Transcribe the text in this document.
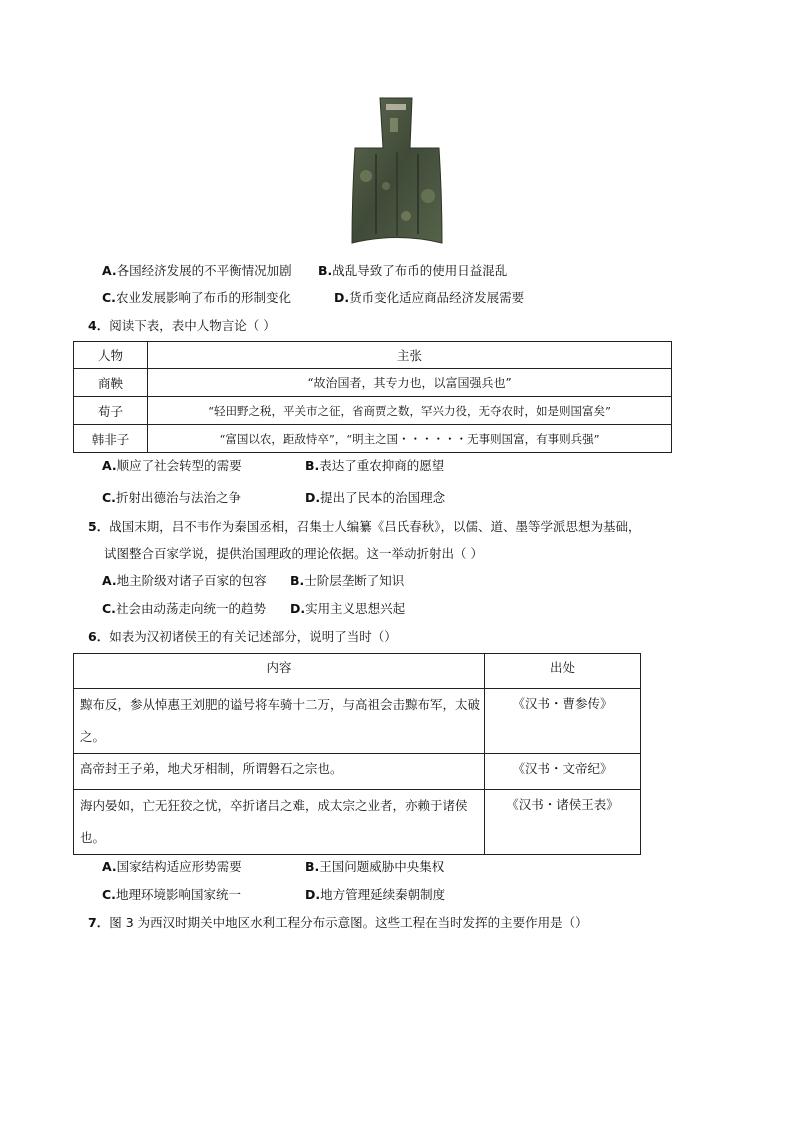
A.各国经济发展的不平衡情况加剧 B.战乱导致了布币的使用日益混乱
C.农业发展影响了布币的形制变化	D.货币变化适应商品经济发展需要
4．阅读下表，表中人物言论（ ）
人物	主张
商鞅	“故治国者，其专力也，以富国强兵也”
荀子	“轻田野之税，平关市之征，省商贾之数，罕兴力役，无夺农时，如是则国富矣”
韩非子	“富国以农，距敌恃卒”，“明主之国・・・・・・无事则国富，有事则兵强”
A.顺应了社会转型的需要	B.表达了重农抑商的愿望
C.折射出德治与法治之争	D.提出了民本的治国理念
5．战国末期，吕不韦作为秦国丞相，召集士人编纂《吕氏春秋》，以儒、道、墨等学派思想为基础，
试图整合百家学说，提供治国理政的理论依据。这一举动折射出（ ）
A.地主阶级对诸子百家的包容 B.士阶层垄断了知识
C.社会由动荡走向统一的趋势 D.实用主义思想兴起
6．如表为汉初诸侯王的有关记述部分，说明了当时（）
内容	出处
黥布反，参从悼惠王刘肥的谥号将车骑十二万，与高祖会击黥布军，太破之。	《汉书・曹参传》
高帝封王子弟，地犬牙相制，所谓磐石之宗也。	《汉书・文帝纪》
海内晏如，亡无狂狡之忧，卒折诸吕之难，成太宗之业者，亦赖于诸侯也。	《汉书・诸侯王表》
A.国家结构适应形势需要	B.王国问题威胁中央集权
C.地理环境影响国家统一	D.地方管理延续秦朝制度
7．图 3 为西汉时期关中地区水利工程分布示意图。这些工程在当时发挥的主要作用是（）
